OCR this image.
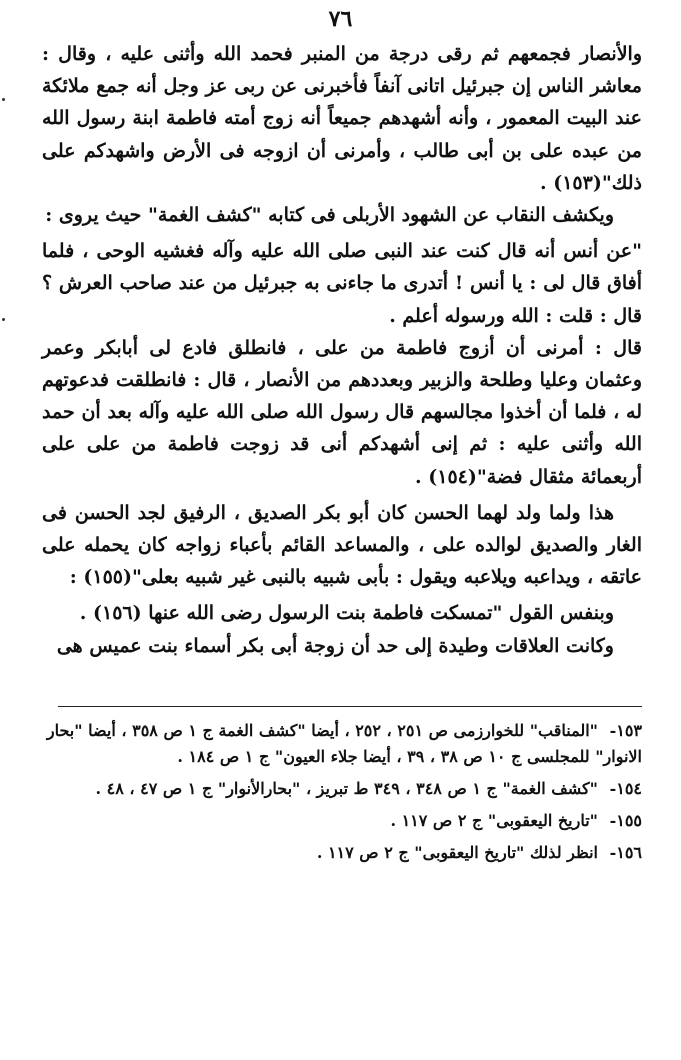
٧٦

والأنصار فجمعهم ثم رقى درجة من المنبر فحمد الله وأثنى عليه ، وقال : معاشر الناس إن جبرئيل اتانى آنفاً فأخبرنى عن ربى عز وجل أنه جمع ملائكة عند البيت المعمور ، وأنه أشهدهم جميعاً أنه زوج أمته فاطمة ابنة رسول الله من عبده على بن أبى طالب ، وأمرنى أن ازوجه فى الأرض واشهدكم على ذلك"(١٥٣) .

ويكشف النقاب عن الشهود الأربلى فى كتابه "كشف الغمة" حيث يروى :

"عن أنس أنه قال كنت عند النبى صلى الله عليه وآله فغشيه الوحى ، فلما أفاق قال لى : يا أنس ! أتدرى ما جاءنى به جبرئيل من عند صاحب العرش ؟ قال : قلت : الله ورسوله أعلم .

قال : أمرنى أن أزوج فاطمة من على ، فانطلق فادع لى أبابكر وعمر وعثمان وعليا وطلحة والزبير وبعددهم من الأنصار ، قال : فانطلقت فدعوتهم له ، فلما أن أخذوا مجالسهم قال رسول الله صلى الله عليه وآله بعد أن حمد الله وأثنى عليه : ثم إنى أشهدكم أنى قد زوجت فاطمة من على على أربعمائة مثقال فضة"(١٥٤) .

هذا ولما ولد لهما الحسن كان أبو بكر الصديق ، الرفيق لجد الحسن فى الغار والصديق لوالده على ، والمساعد القائم بأعباء زواجه كان يحمله على عاتقه ، ويداعبه ويلاعبه ويقول : بأبى شبيه بالنبى غير شبيه بعلى"(١٥٥) :

وبنفس القول "تمسكت فاطمة بنت الرسول رضى الله عنها (١٥٦) .

وكانت العلاقات وطيدة إلى حد أن زوجة أبى بكر أسماء بنت عميس هى

١٥٣- "المناقب" للخوارزمى ص ٢٥١ ، ٢٥٢ ، أيضا "كشف الغمة ج ١ ص ٣٥٨ ، أيضا "بحار الانوار" للمجلسى ج ١٠ ص ٣٨ ، ٣٩ ، أيضا جلاء العيون" ج ١ ص ١٨٤ .

١٥٤- "كشف الغمة" ج ١ ص ٣٤٨ ، ٣٤٩ ط تبريز ، "بحارالأنوار" ج ١ ص ٤٧ ، ٤٨ .

١٥٥- "تاريخ اليعقوبى" ج ٢ ص ١١٧ .

١٥٦- انظر لذلك "تاريخ اليعقوبى" ج ٢ ص ١١٧ .
